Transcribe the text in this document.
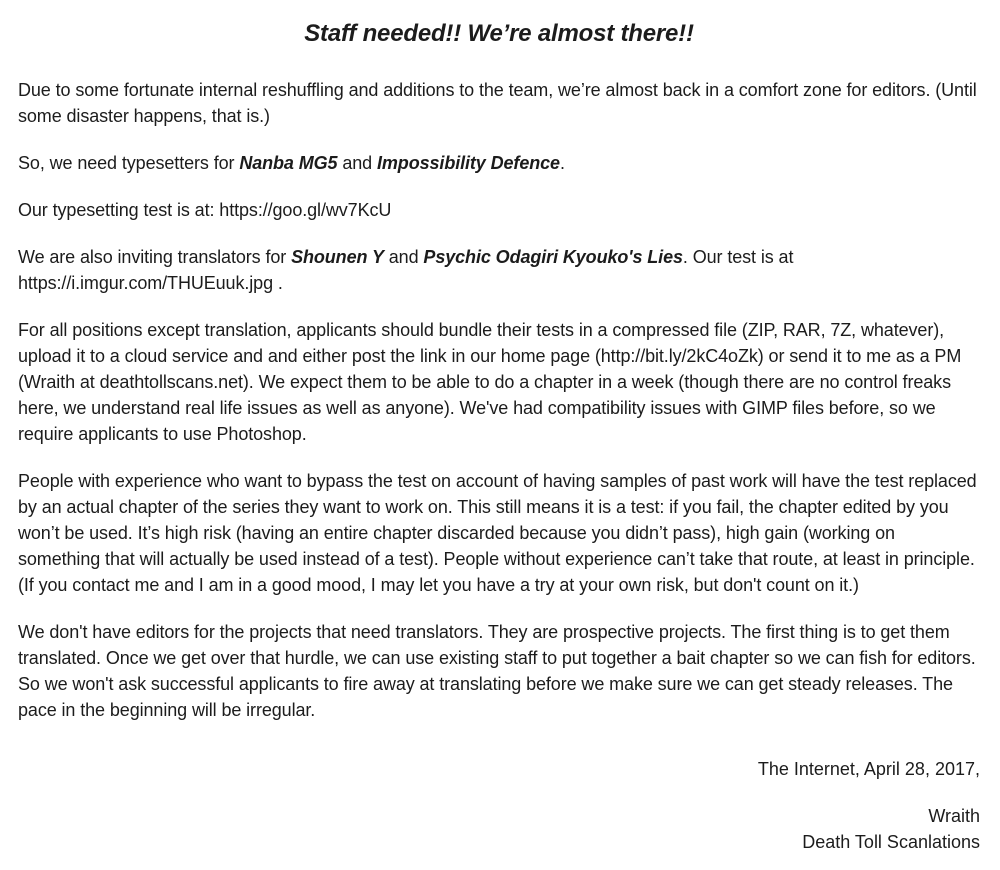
Staff needed!! We’re almost there!!

Due to some fortunate internal reshuffling and additions to the team, we’re almost back in a comfort zone for editors. (Until some disaster happens, that is.)

So, we need typesetters for Nanba MG5 and Impossibility Defence.

Our typesetting test is at: https://goo.gl/wv7KcU

We are also inviting translators for Shounen Y and Psychic Odagiri Kyouko's Lies. Our test is at https://i.imgur.com/THUEuuk.jpg .

For all positions except translation, applicants should bundle their tests in a compressed file (ZIP, RAR, 7Z, whatever), upload it to a cloud service and and either post the link in our home page (http://bit.ly/2kC4oZk) or send it to me as a PM (Wraith at deathtollscans.net). We expect them to be able to do a chapter in a week (though there are no control freaks here, we understand real life issues as well as anyone). We've had compatibility issues with GIMP files before, so we require applicants to use Photoshop.

People with experience who want to bypass the test on account of having samples of past work will have the test replaced by an actual chapter of the series they want to work on. This still means it is a test: if you fail, the chapter edited by you won’t be used. It’s high risk (having an entire chapter discarded because you didn’t pass), high gain (working on something that will actually be used instead of a test). People without experience can’t take that route, at least in principle. (If you contact me and I am in a good mood, I may let you have a try at your own risk, but don't count on it.)

We don't have editors for the projects that need translators. They are prospective projects. The first thing is to get them translated. Once we get over that hurdle, we can use existing staff to put together a bait chapter so we can fish for editors. So we won't ask successful applicants to fire away at translating before we make sure we can get steady releases. The pace in the beginning will be irregular.

The Internet, April 28, 2017,

Wraith

Death Toll Scanlations
